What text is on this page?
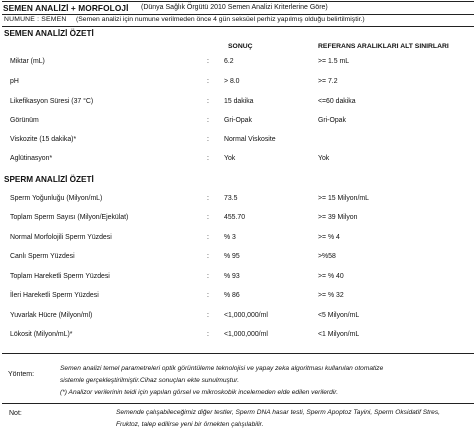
SEMEN ANALİZİ + MORFOLOJİ (Dünya Sağlık Örgütü 2010 Semen Analizi Kriterlerine Göre)
NUMUNE : SEMEN (Semen analizi için numune verilmeden önce 4 gün seksüel perhiz yapılmış olduğu belirtilmiştir.)
SEMEN ANALİZİ ÖZETİ
SONUÇ	REFERANS ARALIKLARI ALT SINIRLARI
Miktar (mL)	: 6.2	>= 1.5 mL
pH	: > 8.0	>= 7.2
Likefikasyon Süresi (37 °C)	: 15 dakika	<=60 dakika
Görünüm	: Gri-Opak	Gri-Opak
Viskozite (15 dakika)*	: Normal Viskosite
Aglütinasyon*	: Yok	Yok
SPERM ANALİZİ ÖZETİ
Sperm Yoğunluğu (Milyon/mL)	: 73.5	>= 15 Milyon/mL
Toplam Sperm Sayısı (Milyon/Ejekülat)	: 455.70	>= 39 Milyon
Normal Morfolojili Sperm Yüzdesi	: % 3	>= % 4
Canlı Sperm Yüzdesi	: % 95	>%58
Toplam Hareketli Sperm Yüzdesi	: % 93	>= % 40
İleri Hareketli Sperm Yüzdesi	: % 86	>= % 32
Yuvarlak Hücre (Milyon/ml)	: <1,000,000/ml	<5 Milyon/mL
Lökosit (Milyon/mL)*	: <1,000,000/ml	<1 Milyon/mL
Yöntem:
Semen analizi temel parametreleri optik görüntüleme teknolojisi ve yapay zeka algoritması kullanılan otomatize
sistemle gerçekleştirilmiştir.Cihaz sonuçları ekte sunulmuştur.
(*) Analizor verilerinin teidi için yapılan görsel ve mikroskobik incelemeden elde edilen verilerdir.
Not:	Semende çalışabileceğimiz diğer testler, Sperm DNA hasar testi, Sperm Apoptoz Tayini, Sperm Oksidatif Stres,
Fruktoz, talep edilirse yeni bir örnekten çalışılabilir.
